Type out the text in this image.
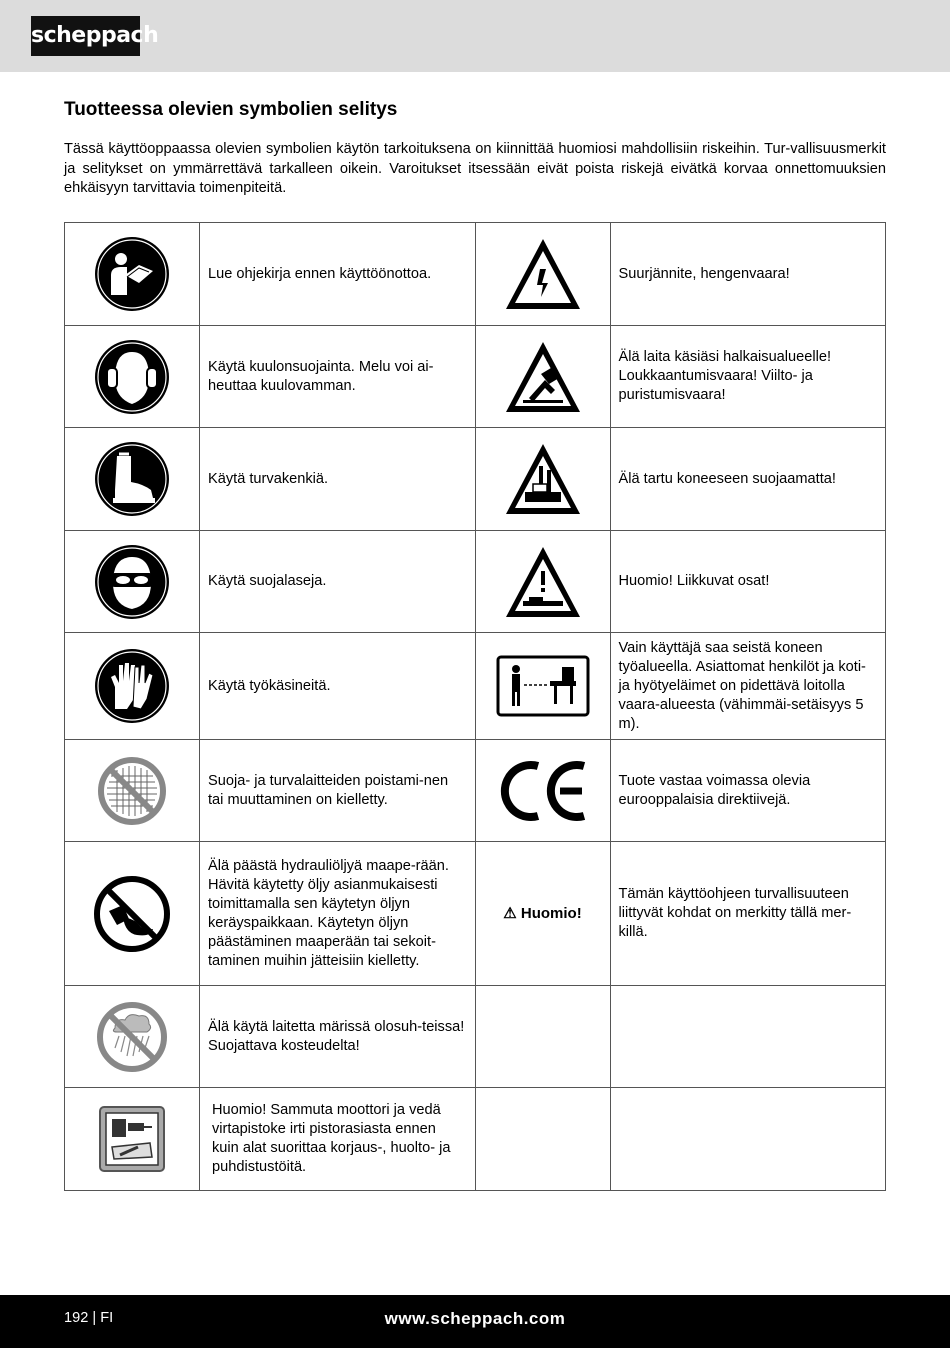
scheppach
Tuotteessa olevien symbolien selitys
Tässä käyttöoppaassa olevien symbolien käytön tarkoituksena on kiinnittää huomiosi mahdollisiin riskeihin. Tur-vallisuusmerkit ja selitykset on ymmärrettävä tarkalleen oikein. Varoitukset itsessään eivät poista riskejä eivätkä korvaa onnettomuuksien ehkäisyyn tarvittavia toimenpiteitä.
	Lue ohjekirja ennen käyttöönottoa.		Suurjännite, hengenvaara!

	Käytä kuulonsuojainta. Melu voi ai-heuttaa kuulovamman.		Älä laita käsiäsi halkaisualueelle! Loukkaantumisvaara! Viilto- ja puristumisvaara!

	Käytä turvakenkiä.		Älä tartu koneeseen suojaamatta!

	Käytä suojalaseja.		Huomio! Liikkuvat osat!

	Käytä työkäsineitä.		Vain käyttäjä saa seistä koneen työalueella. Asiattomat henkilöt ja koti- ja hyötyeläimet on pidettävä loitolla vaara-alueesta (vähimmäi-setäisyys 5 m).

	Suoja- ja turvalaitteiden poistami-nen tai muuttaminen on kielletty.		Tuote vastaa voimassa olevia eurooppalaisia direktiivejä.

	Älä päästä hydrauliöljyä maape-rään.
Hävitä käytetty öljy asianmukaisesti toimittamalla sen käytetyn öljyn keräyspaikkaan. Käytetyn öljyn päästäminen maaperään tai sekoit-taminen muihin jätteisiin kielletty.	⚠ Huomio!	Tämän käyttöohjeen turvallisuuteen liittyvät kohdat on merkitty tällä mer-killä.

	Älä käytä laitetta märissä olosuh-teissa! Suojattava kosteudelta!		

	Huomio! Sammuta moottori ja vedä virtapistoke irti pistorasiasta ennen kuin alat suorittaa korjaus-, huolto- ja puhdistustöitä.		
192 | FI	www.scheppach.com
